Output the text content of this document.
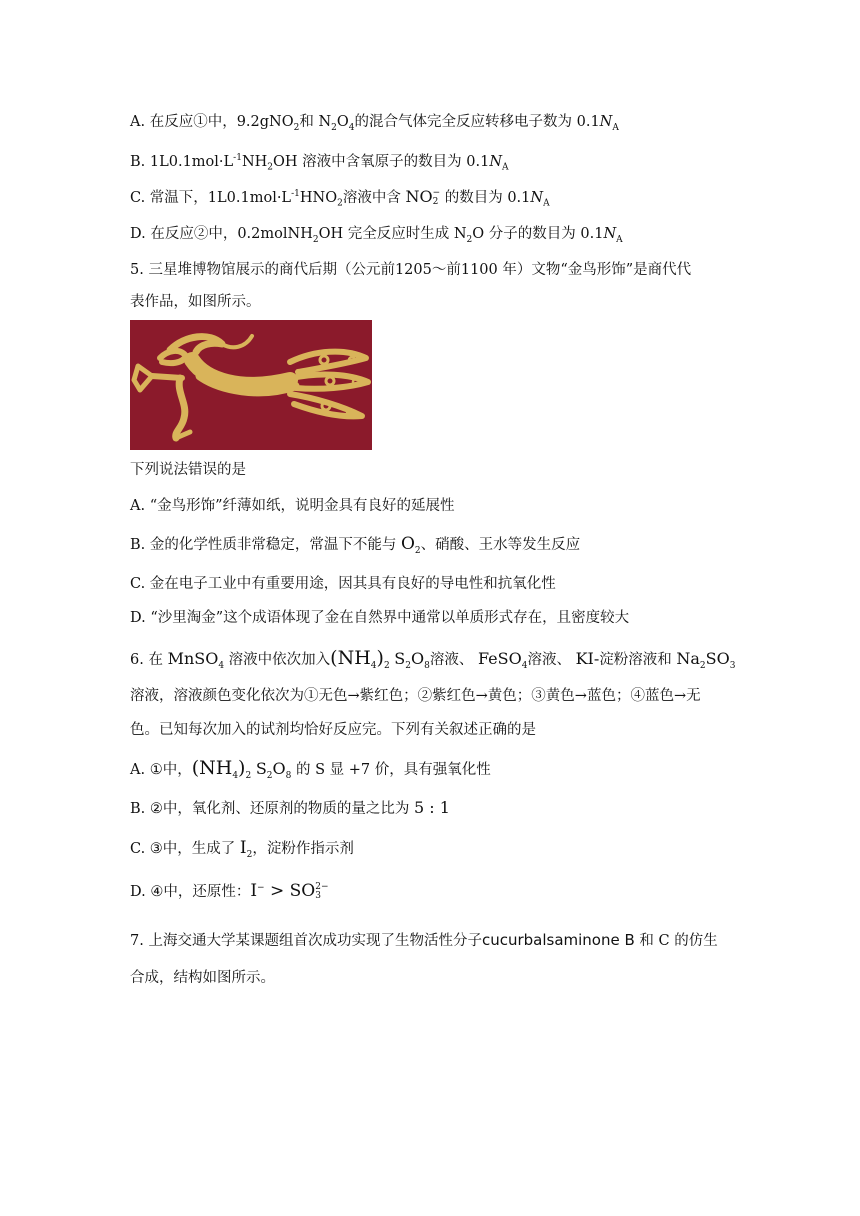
A. 在反应①中，9.2gNO$_2$和 $N_2O_4$的混合气体完全反应转移电子数为 $0.1N_A$
B. $1L0.1mol\cdot L^{-1}NH_2OH$ 溶液中含氧原子的数目为 $0.1N_A$
C. 常温下，$1L0.1mol\cdot L^{-1}HNO_2$溶液中含 NO −
2 的数目为 $0.1N_A$
D. 在反应②中，0.2molNH$_2$OH 完全反应时生成 $N_2O$ 分子的数目为 $0.1N_A$
5. 三星堆博物馆展示的商代后期（公元前1205～前1100 年）文物“金鸟形饰”是商代代
表作品，如图所示。
下列说法错误的是
A. “金鸟形饰”纤薄如纸，说明金具有良好的延展性
B. 金的化学性质非常稳定，常温下不能与 $O_2$、硝酸、王水等发生反应
C. 金在电子工业中有重要用途，因其具有良好的导电性和抗氧化性
D. “沙里淘金”这个成语体现了金在自然界中通常以单质形式存在，且密度较大
6. 在 MnSO$_4$ 溶液中依次加入$(NH_4)_2$ $S_2O_8$溶液、 FeSO$_4$溶液、 KI-淀粉溶液和 $Na_2SO_3$
溶液，溶液颜色变化依次为①无色→紫红色；②紫红色→黄色；③黄色→蓝色；④蓝色→无
色。已知每次加入的试剂均恰好反应完。下列有关叙述正确的是
A. ①中，$(NH_4)_2$ $S_2O_8$ 的 S 显 +7 价，具有强氧化性
B. ②中，氧化剂、还原剂的物质的量之比为 5 : 1
C. ③中，生成了 $I_2$，淀粉作指示剂
D. ④中，还原性：I− > SO 2−
3
7. 上海交通大学某课题组首次成功实现了生物活性分子cucurbalsaminone B 和 C 的仿生
合成，结构如图所示。
